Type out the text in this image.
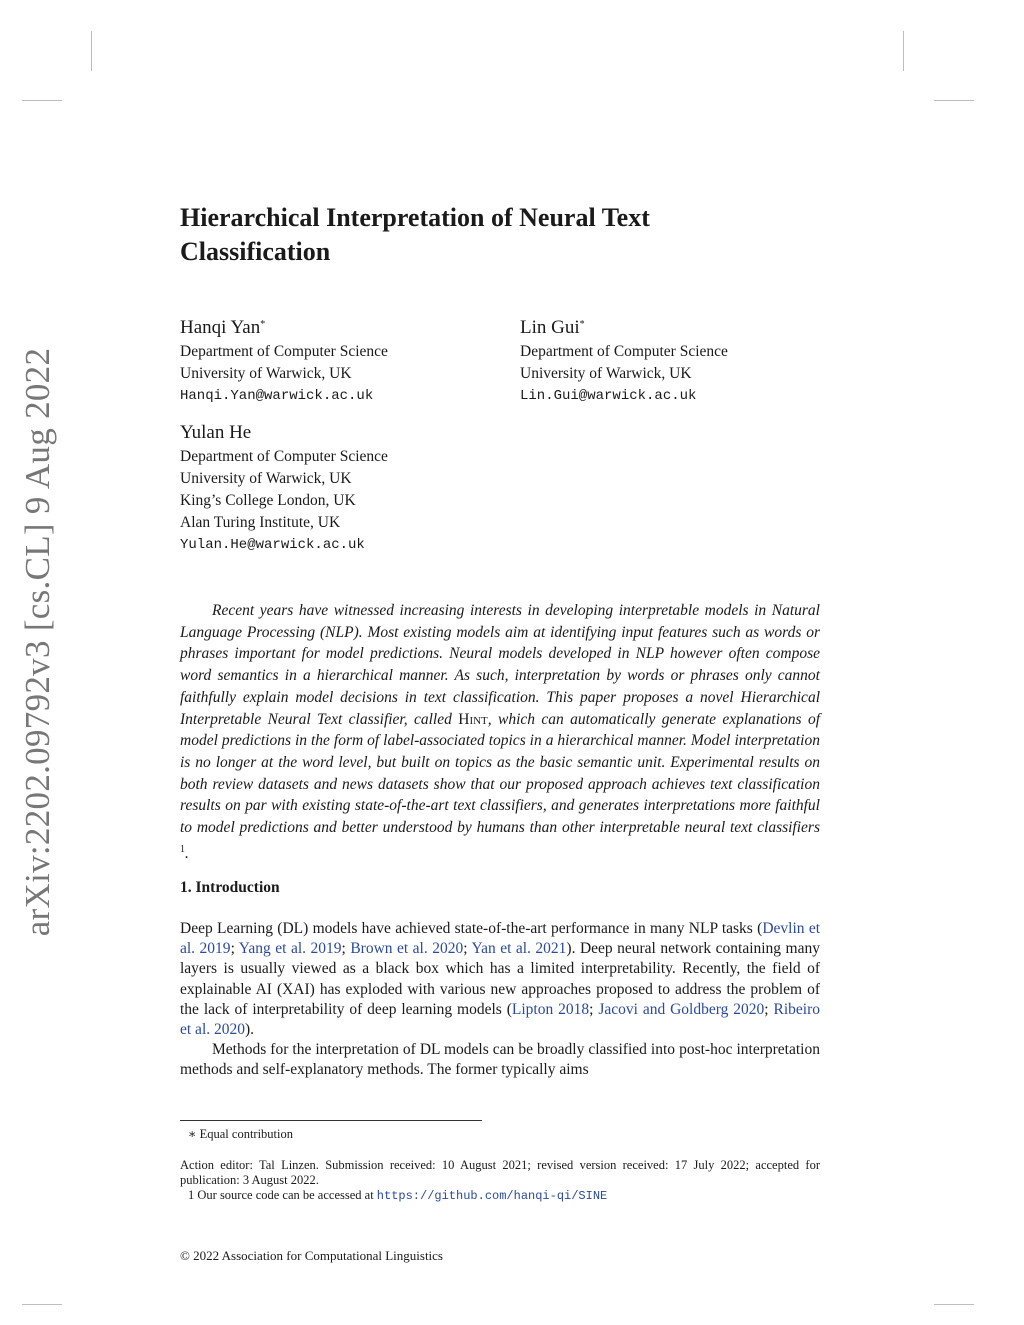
arXiv:2202.09792v3 [cs.CL] 9 Aug 2022
Hierarchical Interpretation of Neural Text
Classification
Hanqi Yan*
Department of Computer Science
University of Warwick, UK
Hanqi.Yan@warwick.ac.uk
Lin Gui*
Department of Computer Science
University of Warwick, UK
Lin.Gui@warwick.ac.uk
Yulan He
Department of Computer Science
University of Warwick, UK
King’s College London, UK
Alan Turing Institute, UK
Yulan.He@warwick.ac.uk

Recent years have witnessed increasing interests in developing interpretable models in Natural Language Processing (NLP). Most existing models aim at identifying input features such as words or phrases important for model predictions. Neural models developed in NLP however often compose word semantics in a hierarchical manner. As such, interpretation by words or phrases only cannot faithfully explain model decisions in text classification. This paper proposes a novel Hierarchical Interpretable Neural Text classifier, called Hint, which can automatically generate explanations of model predictions in the form of label-associated topics in a hierarchical manner. Model interpretation is no longer at the word level, but built on topics as the basic semantic unit. Experimental results on both review datasets and news datasets show that our proposed approach achieves text classification results on par with existing state-of-the-art text classifiers, and generates interpretations more faithful to model predictions and better understood by humans than other interpretable neural text classifiers $^1$.

1. Introduction

Deep Learning (DL) models have achieved state-of-the-art performance in many NLP tasks (Devlin et al. 2019; Yang et al. 2019; Brown et al. 2020; Yan et al. 2021). Deep neural network containing many layers is usually viewed as a black box which has a limited interpretability. Recently, the field of explainable AI (XAI) has exploded with various new approaches proposed to address the problem of the lack of interpretability of deep learning models (Lipton 2018; Jacovi and Goldberg 2020; Ribeiro et al. 2020).

Methods for the interpretation of DL models can be broadly classified into post-hoc interpretation methods and self-explanatory methods. The former typically aims

∗ Equal contribution

Action editor: Tal Linzen. Submission received: 10 August 2021; revised version received: 17 July 2022; accepted for publication: 3 August 2022.

1 Our source code can be accessed at https://github.com/hanqi-qi/SINE

© 2022 Association for Computational Linguistics
